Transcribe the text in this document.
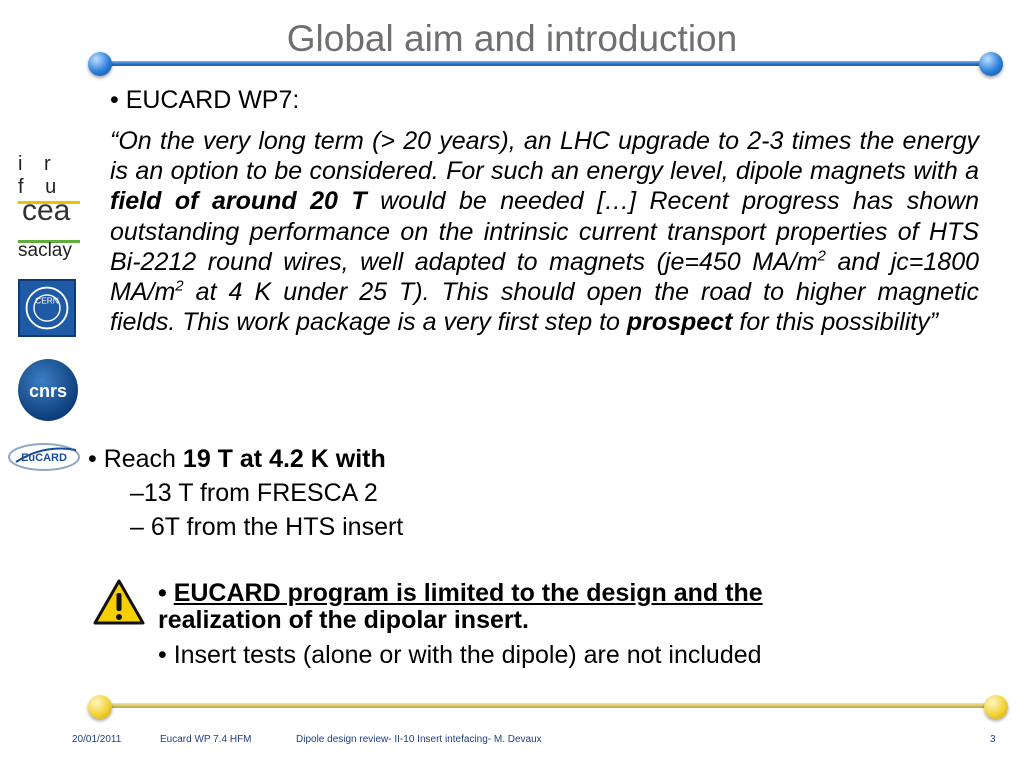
Global aim and introduction
i r f u
cea
saclay
CERN
cnrs
EuCARD
• EUCARD WP7:
“On the very long term (> 20 years), an LHC upgrade to 2-3 times the energy is an option to be considered. For such an energy level, dipole magnets with a field of around 20 T would be needed […] Recent progress has shown outstanding performance on the intrinsic current transport properties of HTS Bi-2212 round wires, well adapted to magnets (je=450 $MA/m^2$ and jc=1800 $MA/m^2$ at 4 K under 25 T). This should open the road to higher magnetic fields. This work package is a very first step to prospect for this possibility”
• Reach 19 T at 4.2 K with
–13 T from FRESCA 2
– 6T from the HTS insert
• EUCARD program is limited to the design and the
realization of the dipolar insert.
• Insert tests (alone or with the dipole) are not included
20/01/2011	Eucard WP 7.4 HFM	Dipole design review- II-10 Insert intefacing- M. Devaux	3
